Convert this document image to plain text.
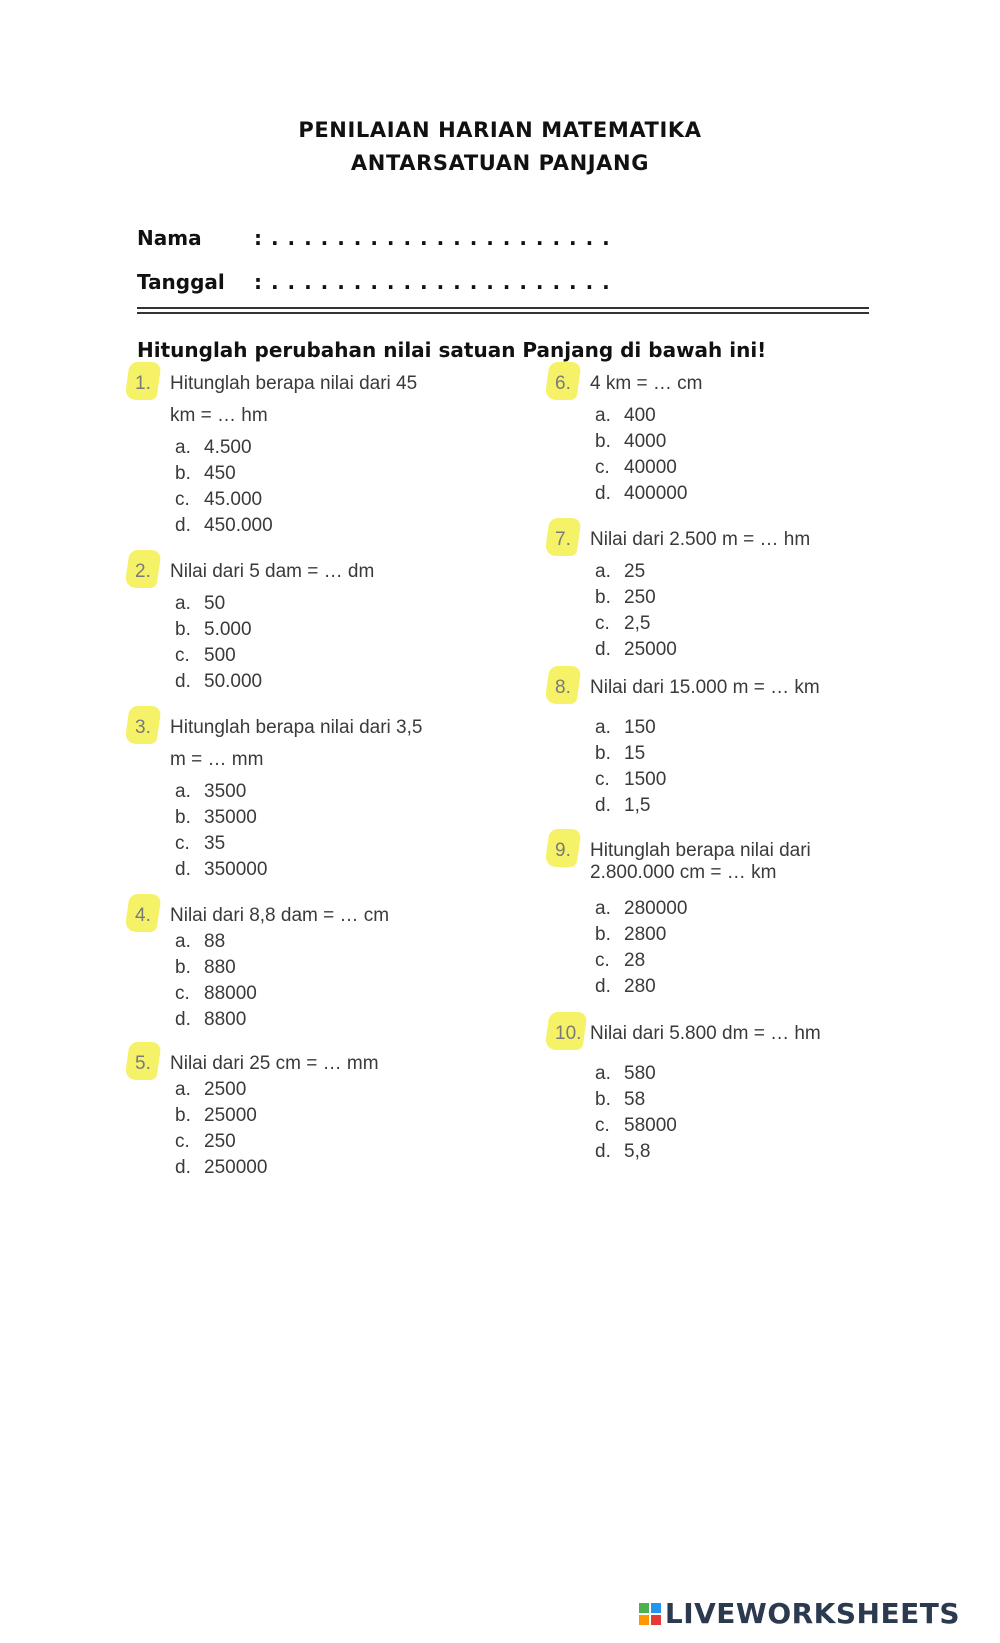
PENILAIAN HARIAN MATEMATIKA
ANTARSATUAN PANJANG
Nama	: . . . . . . . . . . . . . . . . . . . . .
Tanggal : . . . . . . . . . . . . . . . . . . . . .
Hitunglah perubahan nilai satuan Panjang di bawah ini!
1.	Hitunglah berapa nilai dari 45
km = … hm
a. 4.500
b. 450
c. 45.000
d. 450.000
2.	Nilai dari 5 dam = … dm
a. 50
b. 5.000
c. 500
d. 50.000
3.	Hitunglah berapa nilai dari 3,5
m = … mm
a. 3500
b. 35000
c. 35
d. 350000
4.	Nilai dari 8,8 dam = … cm
a. 88
b. 880
c. 88000
d. 8800
5.	Nilai dari 25 cm = … mm
a. 2500
b. 25000
c. 250
d. 250000
6.	4 km = … cm
a. 400
b. 4000
c. 40000
d. 400000
7.	Nilai dari 2.500 m = … hm
a. 25
b. 250
c. 2,5
d. 25000
8.	Nilai dari 15.000 m = … km
a. 150
b. 15
c. 1500
d. 1,5
9.	Hitunglah berapa nilai dari
2.800.000 cm = … km
a. 280000
b. 2800
c. 28
d. 280
10. Nilai dari 5.800 dm = … hm
a. 580
b. 58
c. 58000
d. 5,8
LIVEWORKSHEETS
